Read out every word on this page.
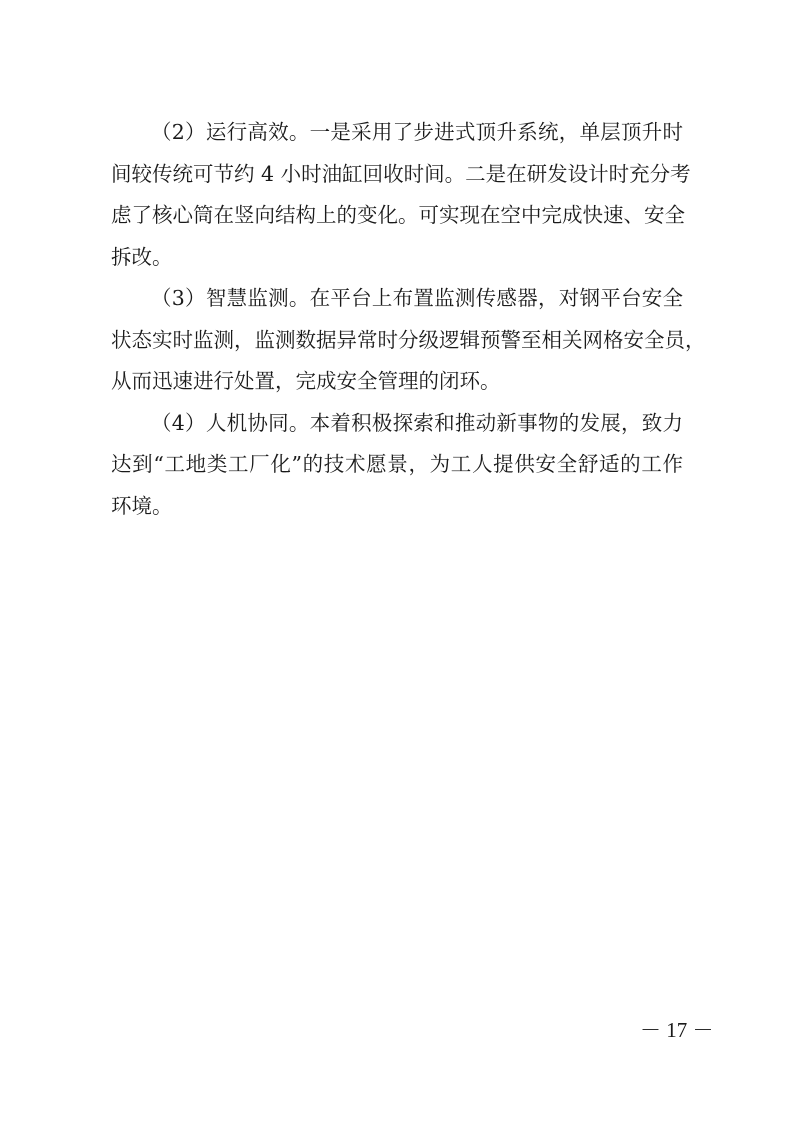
（2）运行高效。一是采用了步进式顶升系统，单层顶升时
间较传统可节约 4 小时油缸回收时间。二是在研发设计时充分考
虑了核心筒在竖向结构上的变化。可实现在空中完成快速、安全
拆改。
（3）智慧监测。在平台上布置监测传感器，对钢平台安全
状态实时监测，监测数据异常时分级逻辑预警至相关网格安全员，
从而迅速进行处置，完成安全管理的闭环。
（4）人机协同。本着积极探索和推动新事物的发展，致力
达到“工地类工厂化”的技术愿景，为工人提供安全舒适的工作
环境。
－ 17 －
